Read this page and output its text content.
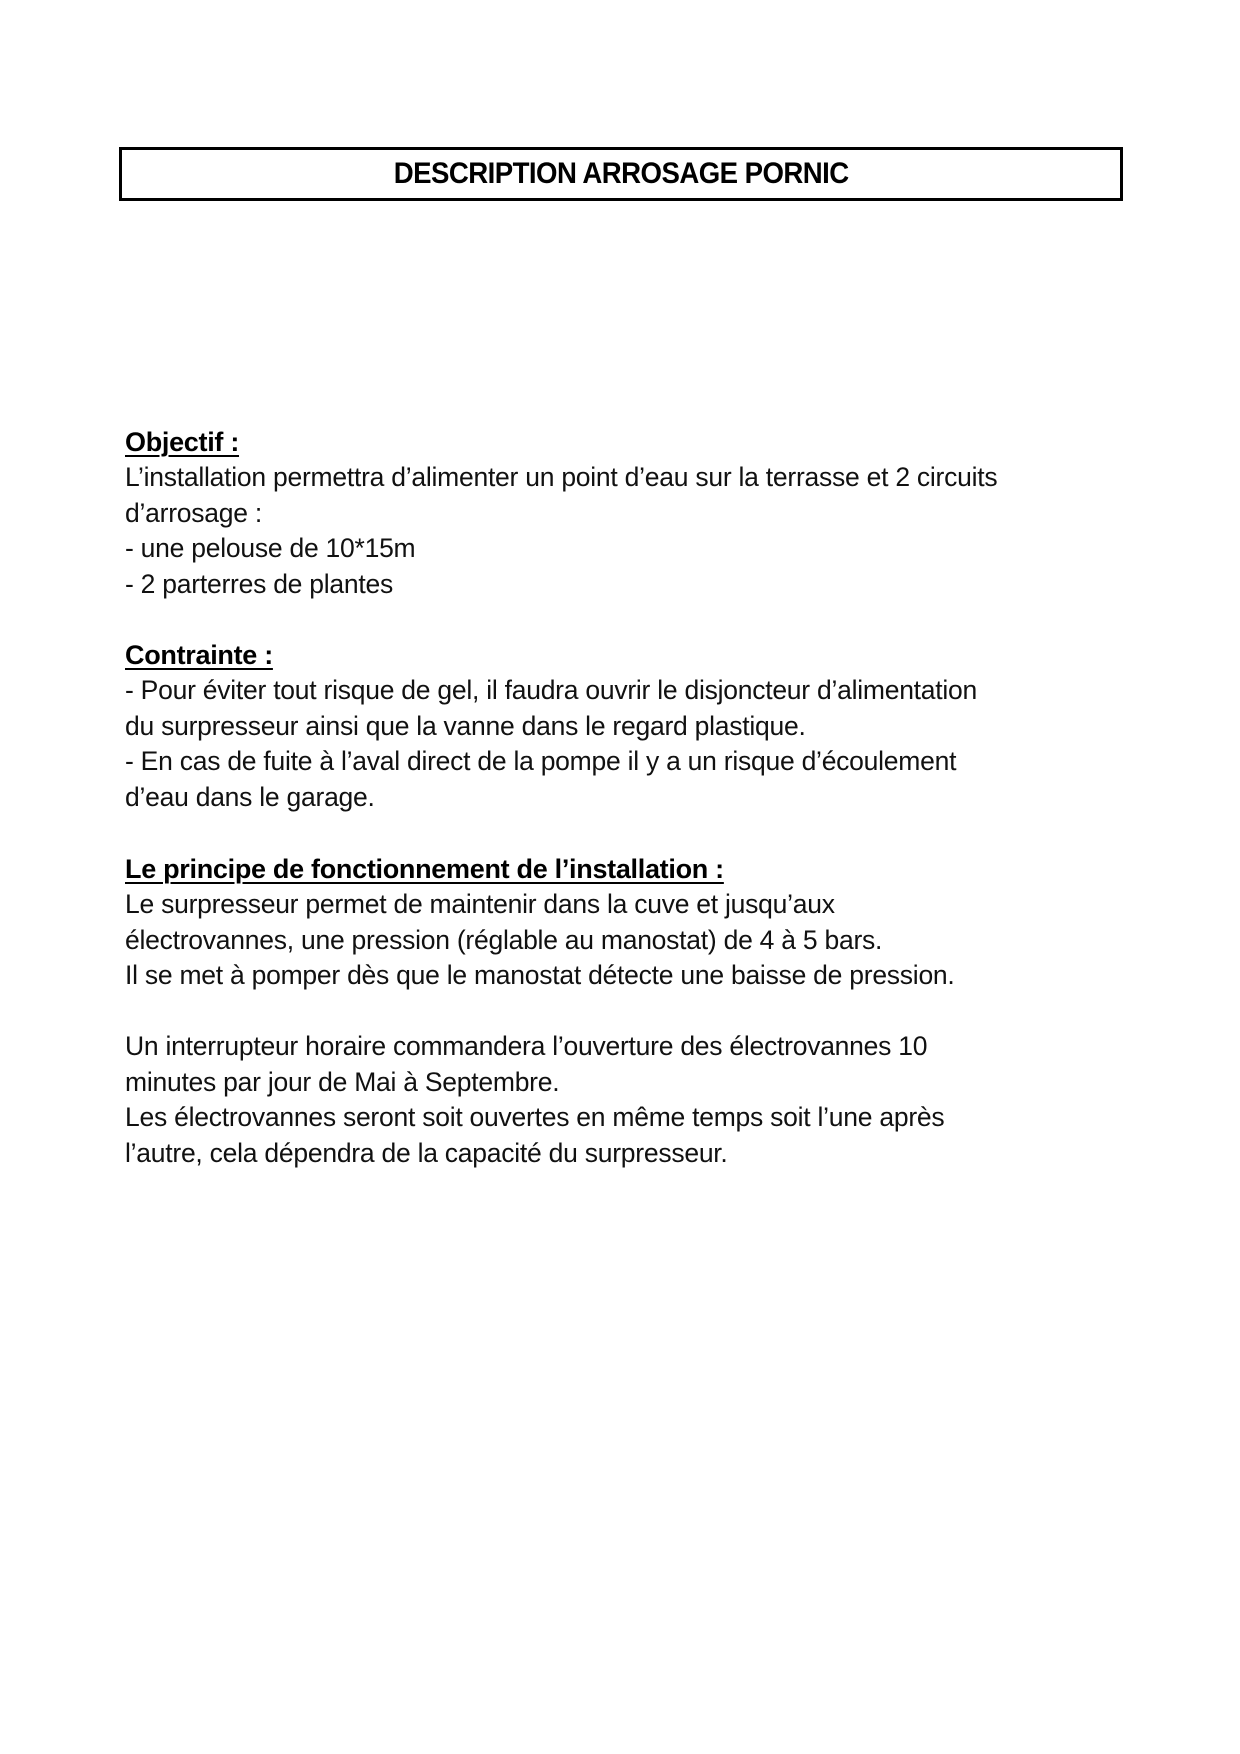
DESCRIPTION ARROSAGE PORNIC
Objectif :

L’installation permettra d’alimenter un point d’eau sur la terrasse et 2 circuits

d’arrosage :

- une pelouse de 10*15m

- 2 parterres de plantes

Contrainte :

- Pour éviter tout risque de gel, il faudra ouvrir le disjoncteur d’alimentation

du surpresseur ainsi que la vanne dans le regard plastique.

- En cas de fuite à l’aval direct de la pompe il y a un risque d’écoulement

d’eau dans le garage.

Le principe de fonctionnement de l’installation :

Le surpresseur permet de maintenir dans la cuve et jusqu’aux

électrovannes, une pression (réglable au manostat) de 4 à 5 bars.

Il se met à pomper dès que le manostat détecte une baisse de pression.

Un interrupteur horaire commandera l’ouverture des électrovannes 10

minutes par jour de Mai à Septembre.

Les électrovannes seront soit ouvertes en même temps soit l’une après

l’autre, cela dépendra de la capacité du surpresseur.
